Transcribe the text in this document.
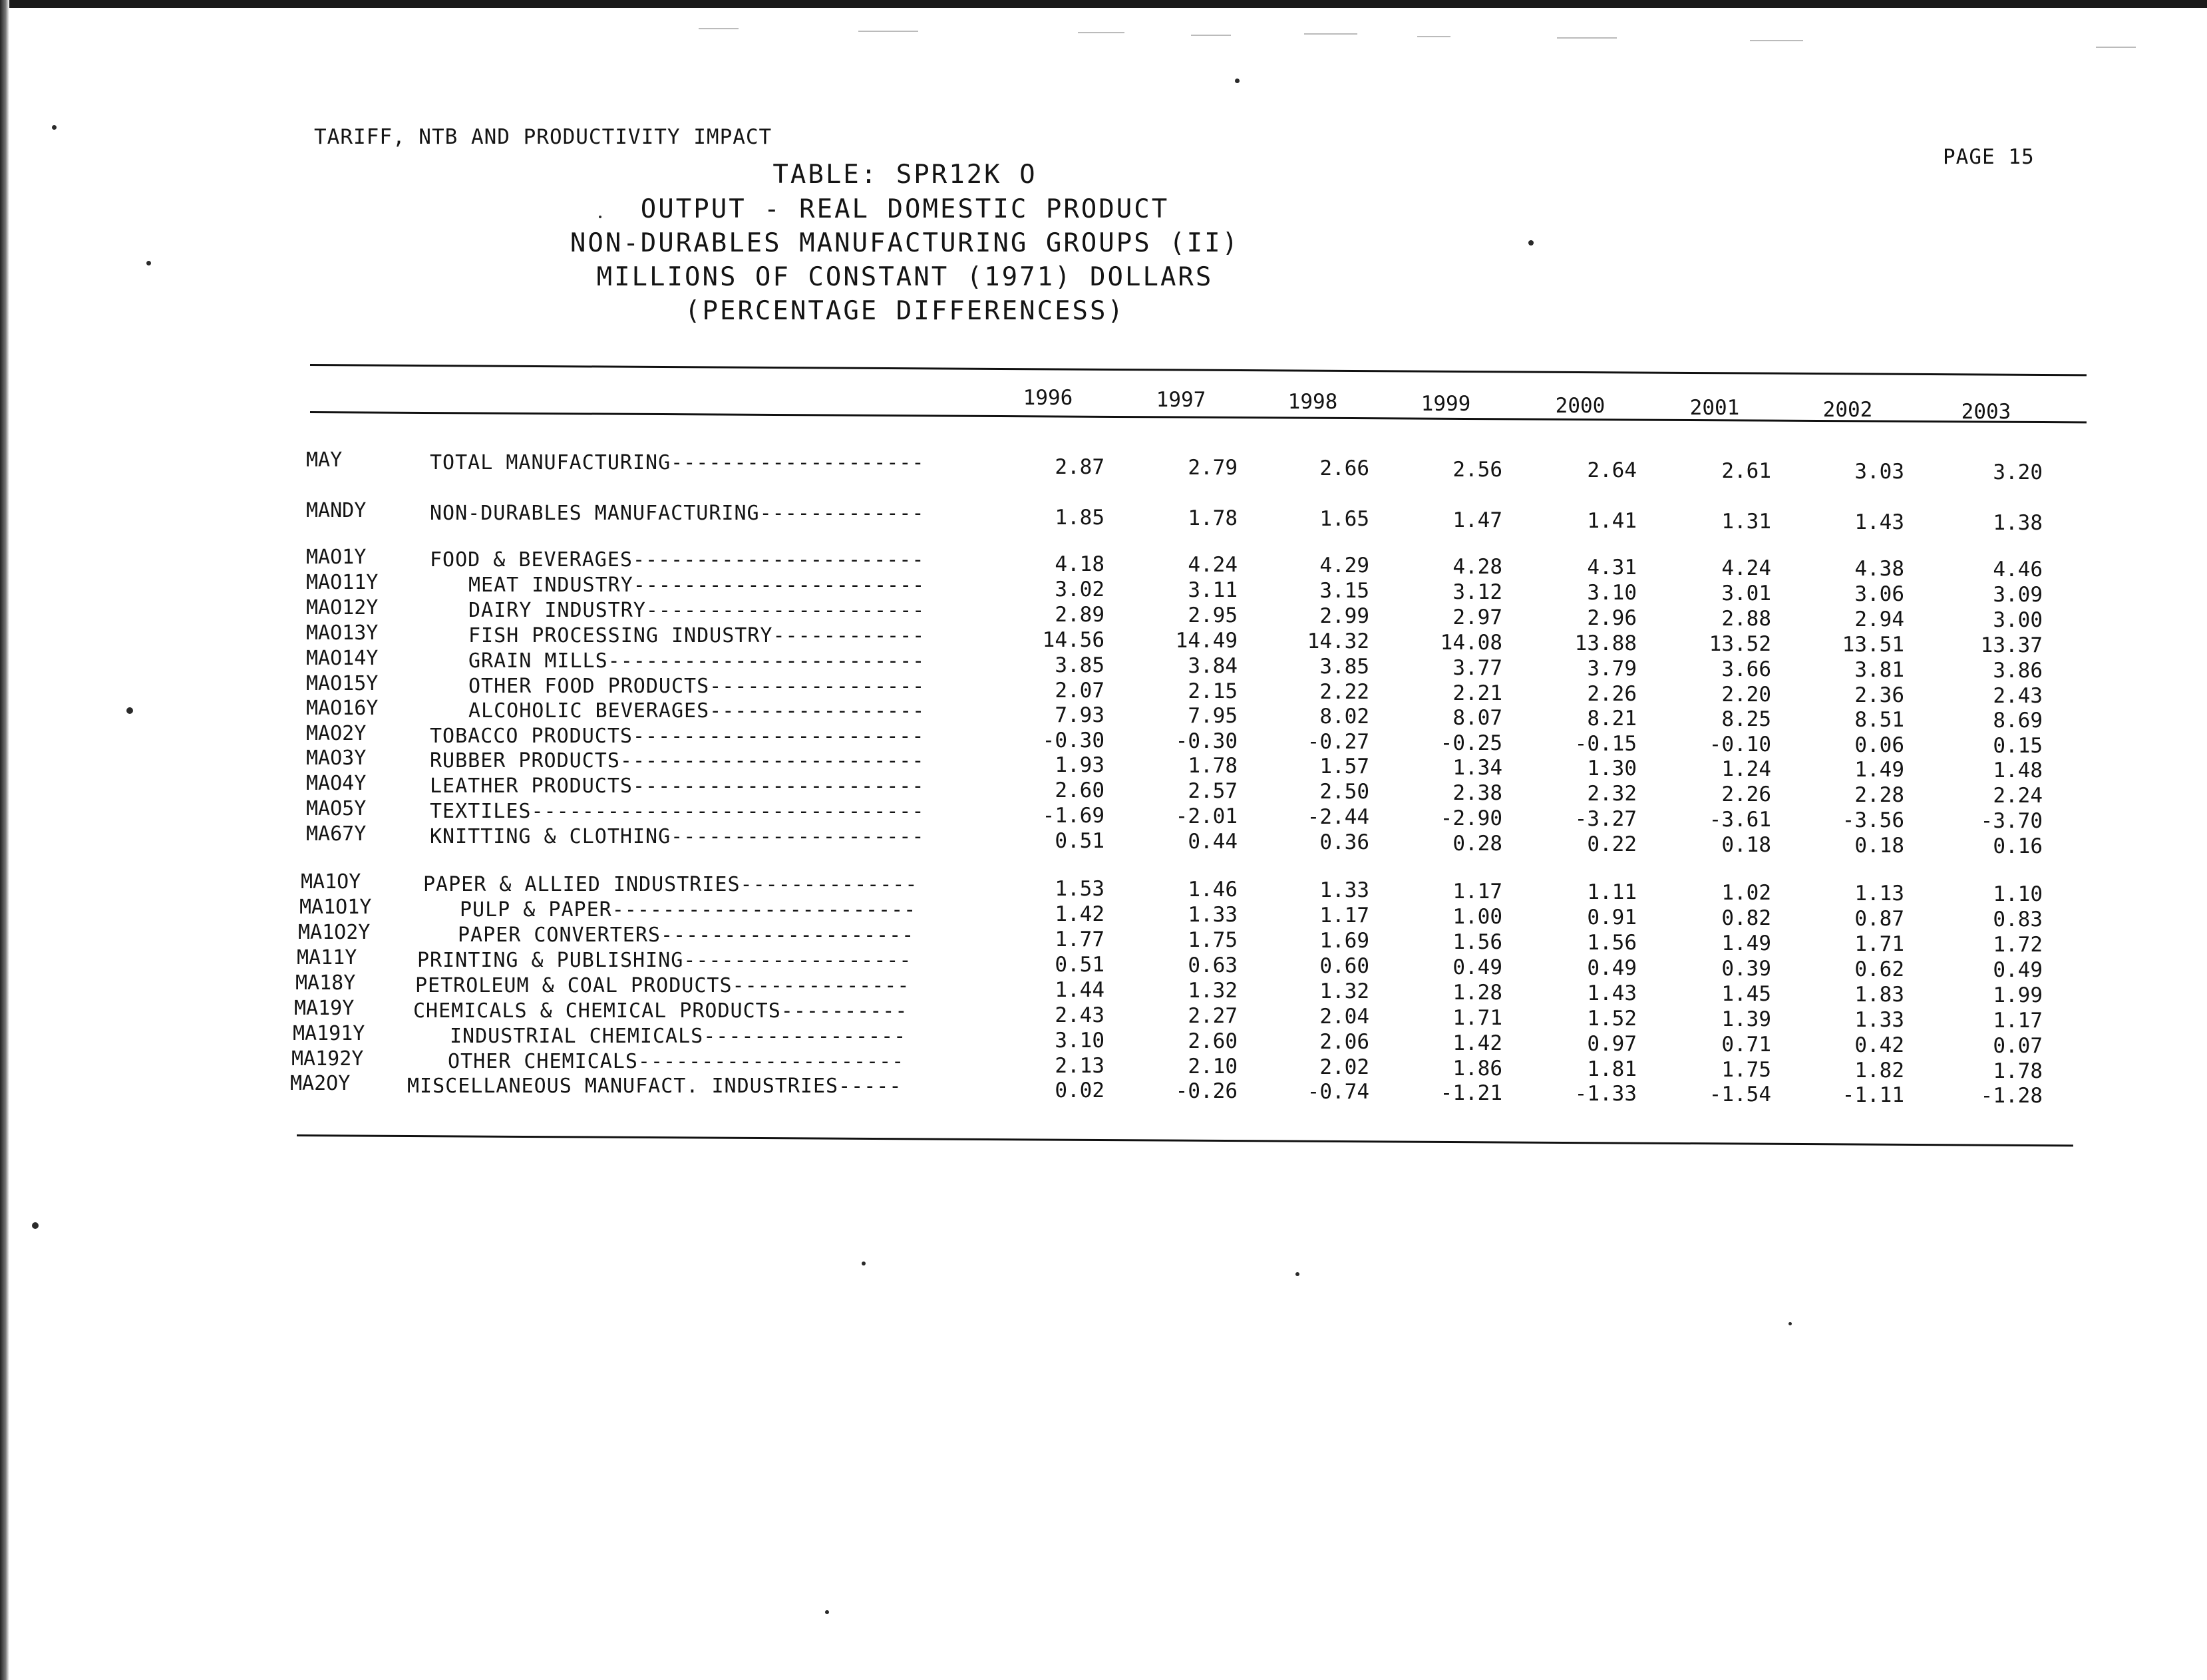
TARIFF, NTB AND PRODUCTIVITY IMPACT
PAGE 15
TABLE: SPR12K O
OUTPUT - REAL DOMESTIC PRODUCT
NON-DURABLES MANUFACTURING GROUPS (II)
MILLIONS OF CONSTANT (1971) DOLLARS
(PERCENTAGE DIFFERENCESS)
1996	1997	1998	1999	2000	2001	2002	2003
MAY	TOTAL MANUFACTURING--------------------	2.87	2.79	2.66	2.56	2.64	2.61	3.03	3.20
MANDY	NON-DURABLES MANUFACTURING-------------	1.85	1.78	1.65	1.47	1.41	1.31	1.43	1.38
MAO1Y	FOOD & BEVERAGES-----------------------	4.18	4.24	4.29	4.28	4.31	4.24	4.38	4.46
MAO11Y	MEAT INDUSTRY-----------------------	3.02	3.11	3.15	3.12	3.10	3.01	3.06	3.09
MAO12Y	DAIRY INDUSTRY----------------------	2.89	2.95	2.99	2.97	2.96	2.88	2.94	3.00
MAO13Y	FISH PROCESSING INDUSTRY------------	14.56	14.49	14.32	14.08	13.88	13.52	13.51	13.37
MAO14Y	GRAIN MILLS-------------------------	3.85	3.84	3.85	3.77	3.79	3.66	3.81	3.86
MAO15Y	OTHER FOOD PRODUCTS-----------------	2.07	2.15	2.22	2.21	2.26	2.20	2.36	2.43
MAO16Y	ALCOHOLIC BEVERAGES-----------------	7.93	7.95	8.02	8.07	8.21	8.25	8.51	8.69
MAO2Y	TOBACCO PRODUCTS-----------------------	-0.30	-0.30	-0.27	-0.25	-0.15	-0.10	0.06	0.15
MAO3Y	RUBBER PRODUCTS------------------------	1.93	1.78	1.57	1.34	1.30	1.24	1.49	1.48
MAO4Y	LEATHER PRODUCTS-----------------------	2.60	2.57	2.50	2.38	2.32	2.26	2.28	2.24
MAO5Y	TEXTILES-------------------------------	-1.69	-2.01	-2.44	-2.90	-3.27	-3.61	-3.56	-3.70
MA67Y	KNITTING & CLOTHING--------------------	0.51	0.44	0.36	0.28	0.22	0.18	0.18	0.16
MA1OY	PAPER & ALLIED INDUSTRIES--------------	1.53	1.46	1.33	1.17	1.11	1.02	1.13	1.10
MA1O1Y	PULP & PAPER------------------------	1.42	1.33	1.17	1.00	0.91	0.82	0.87	0.83
MA1O2Y	PAPER CONVERTERS--------------------	1.77	1.75	1.69	1.56	1.56	1.49	1.71	1.72
MA11Y	PRINTING & PUBLISHING------------------	0.51	0.63	0.60	0.49	0.49	0.39	0.62	0.49
MA18Y	PETROLEUM & COAL PRODUCTS--------------	1.44	1.32	1.32	1.28	1.43	1.45	1.83	1.99
MA19Y	CHEMICALS & CHEMICAL PRODUCTS----------	2.43	2.27	2.04	1.71	1.52	1.39	1.33	1.17
MA191Y	INDUSTRIAL CHEMICALS----------------	3.10	2.60	2.06	1.42	0.97	0.71	0.42	0.07
MA192Y	OTHER CHEMICALS---------------------	2.13	2.10	2.02	1.86	1.81	1.75	1.82	1.78
MA2OY	MISCELLANEOUS MANUFACT. INDUSTRIES-----	0.02	-0.26	-0.74	-1.21	-1.33	-1.54	-1.11	-1.28
